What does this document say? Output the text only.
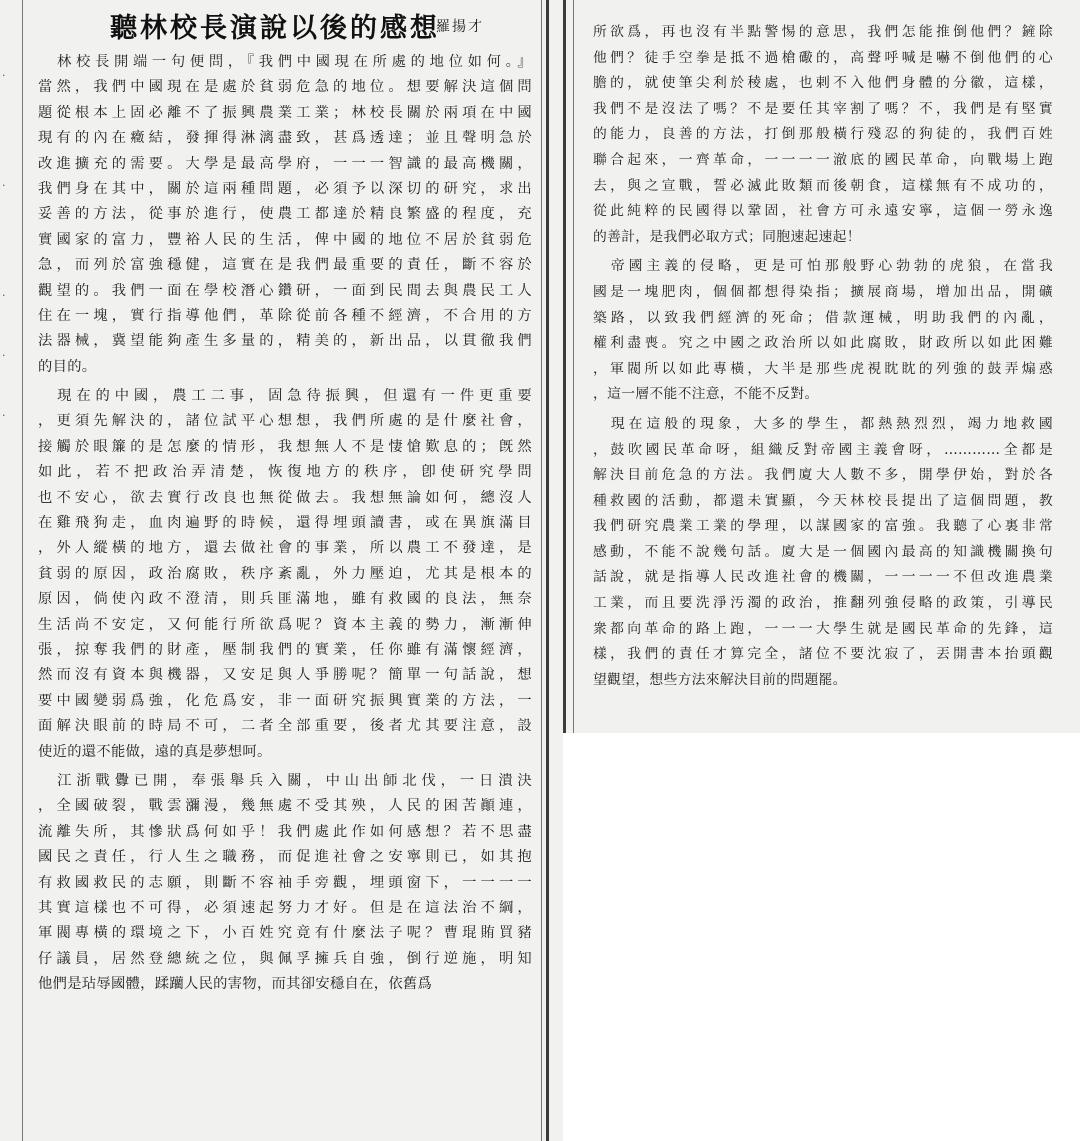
·
·
·
·
·
聽林校長演說以後的感想
羅揚才
　林校長開端一句便問，『我們中國現在所處的地位如何。』
當然，我們中國現在是處於貧弱危急的地位。想要解決這個問
題從根本上固必離不了振興農業工業；林校長關於兩項在中國
現有的內在癥結，發揮得淋漓盡致，甚爲透達；並且聲明急於
改進擴充的需要。大學是最高學府，一一一智識的最高機關，
我們身在其中，關於這兩種問題，必須予以深切的研究，求出
妥善的方法，從事於進行，使農工都達於精良繁盛的程度，充
實國家的富力，豐裕人民的生活，俾中國的地位不居於貧弱危
急，而列於富強穩健，這實在是我們最重要的責任，斷不容於
觀望的。我們一面在學校潛心鑽研，一面到民間去與農民工人
住在一塊，實行指導他們，革除從前各種不經濟，不合用的方
法器械，冀望能夠產生多量的，精美的，新出品，以貫徹我們
的目的。
　現在的中國，農工二事，固急待振興，但還有一件更重要
，更須先解決的，諸位試平心想想，我們所處的是什麼社會，
接觸於眼簾的是怎麼的情形，我想無人不是悽愴歎息的；旣然
如此，若不把政治弄清楚，恢復地方的秩序，卽使研究學問
也不安心，欲去實行改良也無從做去。我想無論如何，總沒人
在雞飛狗走，血肉遍野的時候，還得埋頭讀書，或在異旗滿目
，外人縱橫的地方，還去做社會的事業，所以農工不發達，是
貧弱的原因，政治腐敗，秩序紊亂，外力壓迫，尤其是根本的
原因，倘使內政不澄清，則兵匪滿地，雖有救國的良法，無奈
生活尚不安定，又何能行所欲爲呢？資本主義的勢力，漸漸伸
張，掠奪我們的財產，壓制我們的實業，任你雖有滿懷經濟，
然而沒有資本與機器，又安足與人爭勝呢？簡單一句話說，想
要中國變弱爲強，化危爲安，非一面研究振興實業的方法，一
面解決眼前的時局不可，二者全部重要，後者尤其要注意，設
使近的還不能做，遠的真是夢想呵。
　江浙戰釁已開，奉張舉兵入關，中山出師北伐，一日潰決
，全國破裂，戰雲瀰漫，幾無處不受其殃，人民的困苦顚連，
流離失所，其慘狀爲何如乎！我們處此作如何感想？若不思盡
國民之責任，行人生之職務，而促進社會之安寧則已，如其抱
有救國救民的志願，則斷不容袖手旁觀，埋頭窗下，一一一一
其實這樣也不可得，必須速起努力才好。但是在這法治不綱，
軍閥專橫的環境之下，小百姓究竟有什麼法子呢？曹琨賄買豬
仔議員，居然登總統之位，與佩孚擁兵自強，倒行逆施，明知
他們是玷辱國體，蹂躪人民的害物，而其卻安穩自在，依舊爲
所欲爲，再也沒有半點警惕的意思，我們怎能推倒他們？鏟除
他們？徒手空拳是抵不過槍礮的，高聲呼喊是嚇不倒他們的心
膽的，就使筆尖利於稜處，也剌不入他們身體的分徽，這樣，
我們不是沒法了嗎？不是要任其宰割了嗎？不，我們是有堅實
的能力，良善的方法，打倒那般橫行殘忍的狗徒的，我們百姓
聯合起來，一齊革命，一一一一澈底的國民革命，向戰場上跑
去，與之宣戰，誓必滅此敗類而後朝食，這樣無有不成功的，
從此純粹的民國得以鞏固，社會方可永遠安寧，這個一勞永逸
的善計，是我們必取方式；同胞速起速起！
　帝國主義的侵略，更是可怕那般野心勃勃的虎狼，在當我
國是一塊肥肉，個個都想得染指；擴展商場，增加出品，開礦
築路，以致我們經濟的死命；借款運械，明助我們的內亂，
權利盡喪。究之中國之政治所以如此腐敗，財政所以如此困難
，軍閥所以如此專橫，大半是那些虎視眈眈的列強的鼓弄煽惑
，這一層不能不注意，不能不反對。
　現在這般的現象，大多的學生，都熱熱烈烈，竭力地救國
，鼓吹國民革命呀，組織反對帝國主義會呀，…………全都是
解決目前危急的方法。我們廈大人數不多，開學伊始，對於各
種救國的活動，都還未實顯，今天林校長提出了這個問題，教
我們研究農業工業的學理，以謀國家的富強。我聽了心裏非常
感動，不能不說幾句話。廈大是一個國內最高的知識機關換句
話說，就是指導人民改進社會的機關，一一一一不但改進農業
工業，而且要洗淨汚濁的政治，推翻列強侵略的政策，引導民
衆都向革命的路上跑，一一一大學生就是國民革命的先鋒，這
樣，我們的責任才算完全，諸位不要沈寂了，丟開書本抬頭觀
望觀望，想些方法來解決目前的問題罷。
